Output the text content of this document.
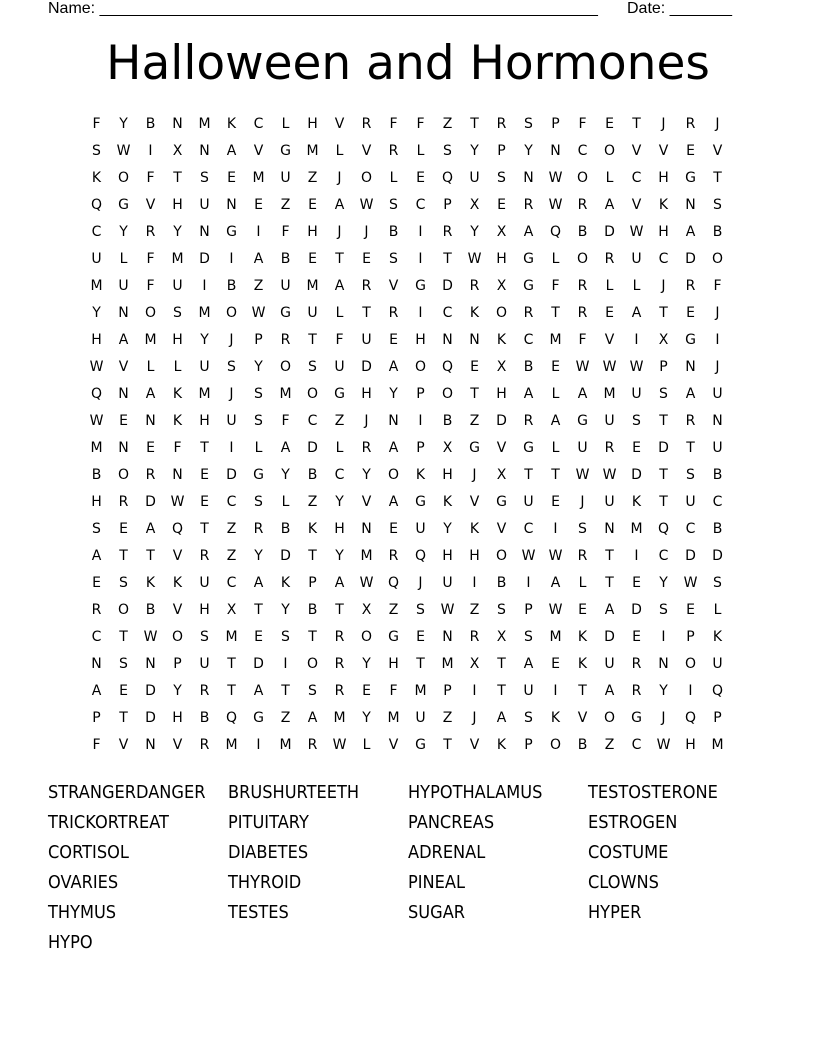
Name: ________________________________________________________ Date: _______
Halloween and Hormones
F	Y	B	N	M	K	C	L	H	V	R	F	F	Z	T	R	S	P	F	E	T	J	R	J
S	W	I	X	N	A	V	G	M	L	V	R	L	S	Y	P	Y	N	C	O	V	V	E	V
K	O	F	T	S	E	M	U	Z	J	O	L	E	Q	U	S	N	W	O	L	C	H	G	T
Q	G	V	H	U	N	E	Z	E	A	W	S	C	P	X	E	R	W	R	A	V	K	N	S
C	Y	R	Y	N	G	I	F	H	J	J	B	I	R	Y	X	A	Q	B	D	W	H	A	B
U	L	F	M	D	I	A	B	E	T	E	S	I	T	W	H	G	L	O	R	U	C	D	O
M	U	F	U	I	B	Z	U	M	A	R	V	G	D	R	X	G	F	R	L	L	J	R	F
Y	N	O	S	M	O	W	G	U	L	T	R	I	C	K	O	R	T	R	E	A	T	E	J
H	A	M	H	Y	J	P	R	T	F	U	E	H	N	N	K	C	M	F	V	I	X	G	I
W	V	L	L	U	S	Y	O	S	U	D	A	O	Q	E	X	B	E	W W W	P	N	J
Q	N	A	K	M	J	S	M	O	G	H	Y	P	O	T	H	A	L	A	M	U	S	A	U
W	E	N	K	H	U	S	F	C	Z	J	N	I	B	Z	D	R	A	G	U	S	T	R	N
M	N	E	F	T	I	L	A	D	L	R	A	P	X	G	V	G	L	U	R	E	D	T	U
B	O	R	N	E	D	G	Y	B	C	Y	O	K	H	J	X	T	T	W W	D	T	S	B
H	R	D	W	E	C	S	L	Z	Y	V	A	G	K	V	G	U	E	J	U	K	T	U	C
S	E	A	Q	T	Z	R	B	K	H	N	E	U	Y	K	V	C	I	S	N	M	Q	C	B
A	T	T	V	R	Z	Y	D	T	Y	M	R	Q	H	H	O	W W	R	T	I	C	D	D
E	S	K	K	U	C	A	K	P	A	W	Q	J	U	I	B	I	A	L	T	E	Y	W	S
R	O	B	V	H	X	T	Y	B	T	X	Z	S	W	Z	S	P	W	E	A	D	S	E	L
C	T	W	O	S	M	E	S	T	R	O	G	E	N	R	X	S	M	K	D	E	I	P	K
N	S	N	P	U	T	D	I	O	R	Y	H	T	M	X	T	A	E	K	U	R	N	O	U
A	E	D	Y	R	T	A	T	S	R	E	F	M	P	I	T	U	I	T	A	R	Y	I	Q
P	T	D	H	B	Q	G	Z	A	M	Y	M	U	Z	J	A	S	K	V	O	G	J	Q	P
F	V	N	V	R	M	I	M	R	W	L	V	G	T	V	K	P	O	B	Z	C	W	H	M
STRANGERDANGER BRUSHURTEETH	HYPOTHALAMUS	TESTOSTERONE
TRICKORTREAT	PITUITARY	PANCREAS	ESTROGEN
CORTISOL	DIABETES	ADRENAL	COSTUME
OVARIES	THYROID	PINEAL	CLOWNS
THYMUS	TESTES	SUGAR	HYPER
HYPO
